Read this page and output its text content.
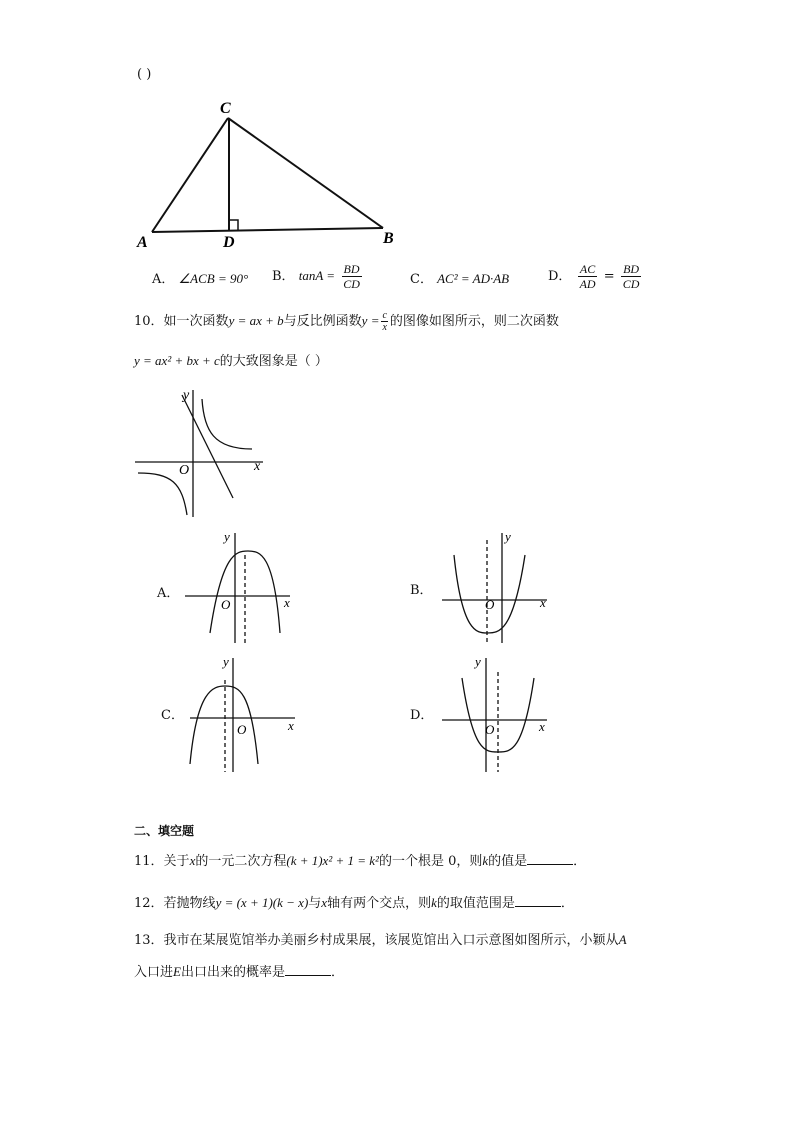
( )
C
A	D	B
A． ∠ACB = 90° B． $\tan A = \frac{BD}{CD}$	C． AC² = AD·AB	D． $\frac{AC}{AD} = \frac{BD}{CD}$
10．如一次函数y = ax + b与反比例函数$y = \frac{c}{x}$ 的图像如图所示，则二次函数
y = ax² + bx + c的大致图象是（ ）
x
y
O
A．
x
y
O
B．
x
y
O
C．
x
y
O
D．
x
y
O
二、填空题
11．关于x的一元二次方程(k + 1)x² + 1 = k²的一个根是 0，则k的值是	．
12．若抛物线y = (x + 1)(k − x)与x轴有两个交点，则k的取值范围是	．
13．我市在某展览馆举办美丽乡村成果展，该展览馆出入口示意图如图所示，小颖从A
入口进E出口出来的概率是	．
